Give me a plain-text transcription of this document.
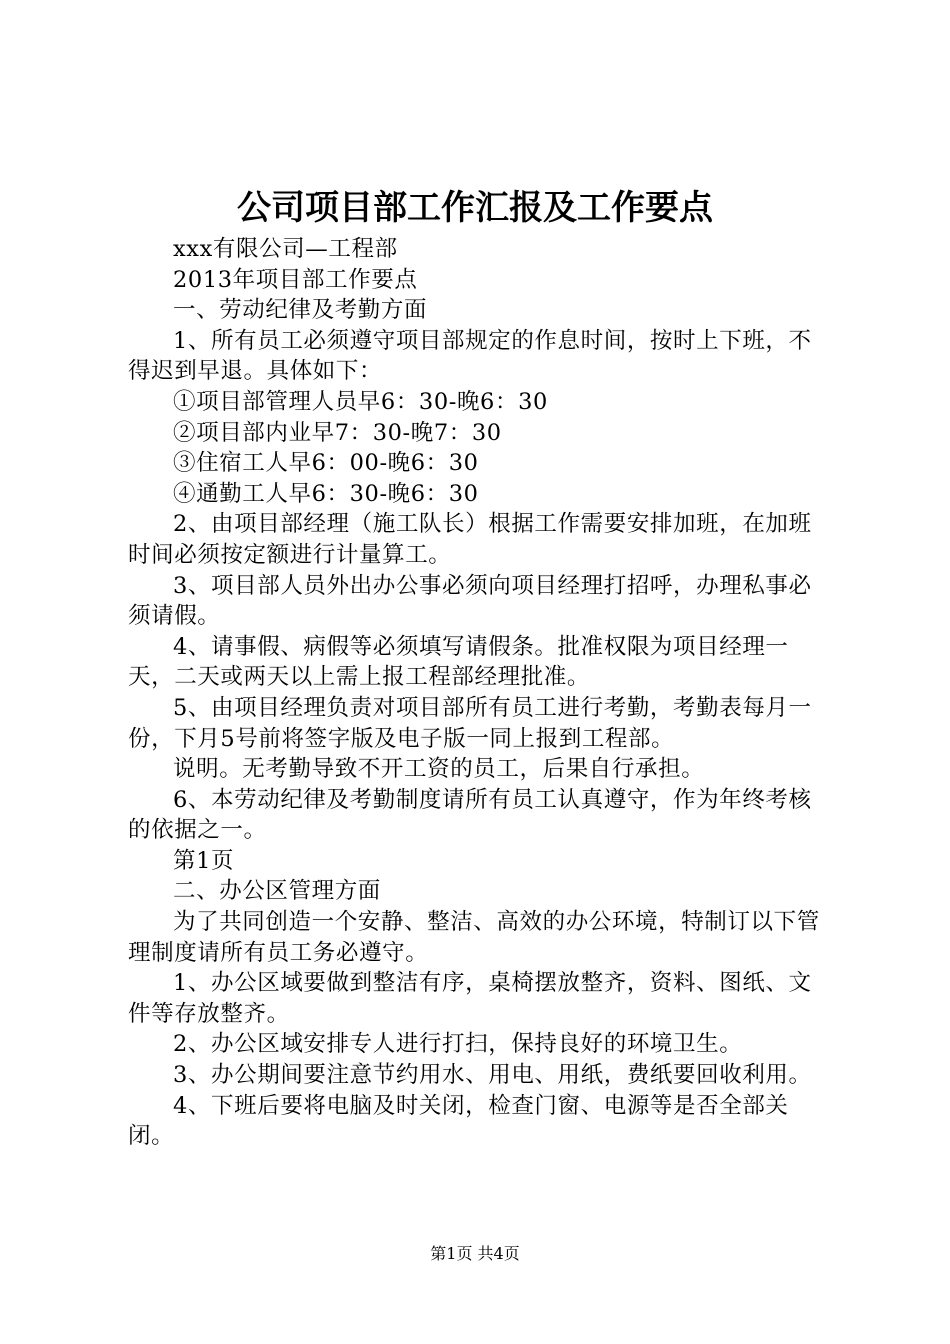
公司项目部工作汇报及工作要点

xxx有限公司—工程部

2013年项目部工作要点

一、劳动纪律及考勤方面

1、所有员工必须遵守项目部规定的作息时间，按时上下班，不得迟到早退。具体如下：

①项目部管理人员早6：30-晚6：30

②项目部内业早7：30-晚7：30

③住宿工人早6：00-晚6：30

④通勤工人早6：30-晚6：30

2、由项目部经理（施工队长）根据工作需要安排加班，在加班时间必须按定额进行计量算工。

3、项目部人员外出办公事必须向项目经理打招呼，办理私事必须请假。

4、请事假、病假等必须填写请假条。批准权限为项目经理一天，二天或两天以上需上报工程部经理批准。

5、由项目经理负责对项目部所有员工进行考勤，考勤表每月一份，下月5号前将签字版及电子版一同上报到工程部。

说明。无考勤导致不开工资的员工，后果自行承担。

6、本劳动纪律及考勤制度请所有员工认真遵守，作为年终考核的依据之一。

第1页

二、办公区管理方面

为了共同创造一个安静、整洁、高效的办公环境，特制订以下管理制度请所有员工务必遵守。

1、办公区域要做到整洁有序，桌椅摆放整齐，资料、图纸、文件等存放整齐。

2、办公区域安排专人进行打扫，保持良好的环境卫生。

3、办公期间要注意节约用水、用电、用纸，费纸要回收利用。

4、下班后要将电脑及时关闭，检查门窗、电源等是否全部关闭。

第1页 共4页
